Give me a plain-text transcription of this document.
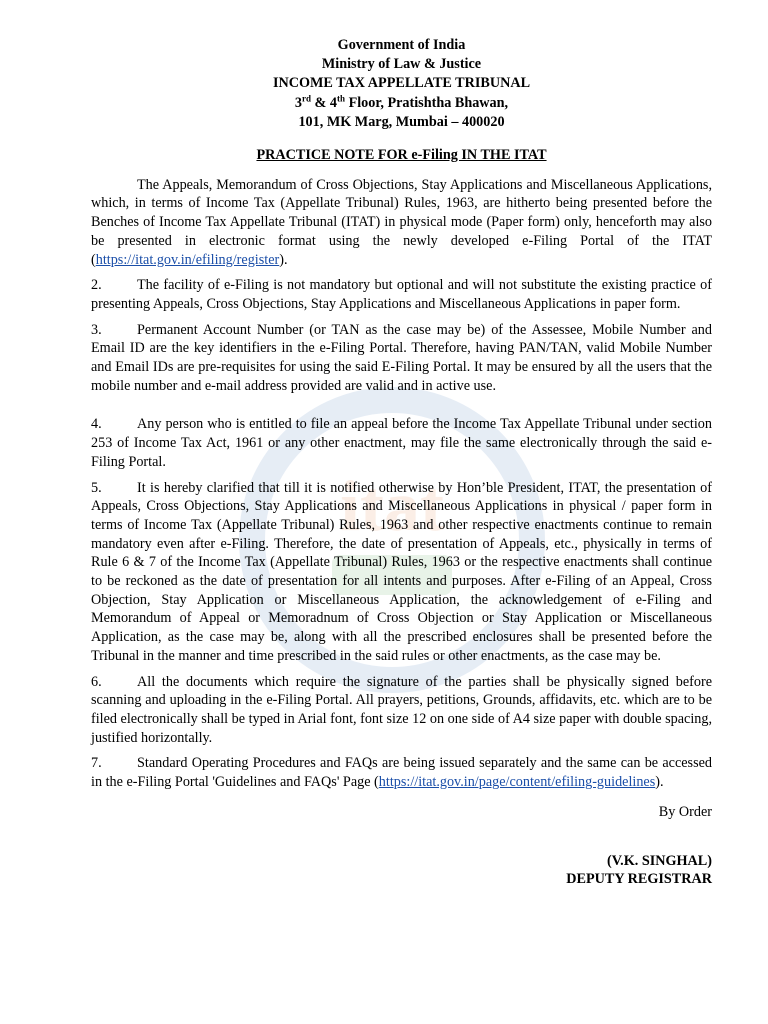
itat
Government of India
Ministry of Law & Justice
INCOME TAX APPELLATE TRIBUNAL
3rd & 4th Floor, Pratishtha Bhawan,
101, MK Marg, Mumbai – 400020
PRACTICE NOTE FOR e-Filing IN THE ITAT

The Appeals, Memorandum of Cross Objections, Stay Applications and Miscellaneous Applications, which, in terms of Income Tax (Appellate Tribunal) Rules, 1963, are hitherto being presented before the Benches of Income Tax Appellate Tribunal (ITAT) in physical mode (Paper form) only, henceforth may also be presented in electronic format using the newly developed e-Filing Portal of the ITAT (https://itat.gov.in/efiling/register).

2. The facility of e-Filing is not mandatory but optional and will not substitute the existing practice of presenting Appeals, Cross Objections, Stay Applications and Miscellaneous Applications in paper form.

3. Permanent Account Number (or TAN as the case may be) of the Assessee, Mobile Number and Email ID are the key identifiers in the e-Filing Portal. Therefore, having PAN/TAN, valid Mobile Number and Email IDs are pre-requisites for using the said E-Filing Portal. It may be ensured by all the users that the mobile number and e-mail address provided are valid and in active use.

4. Any person who is entitled to file an appeal before the Income Tax Appellate Tribunal under section 253 of Income Tax Act, 1961 or any other enactment, may file the same electronically through the said e-Filing Portal.

5. It is hereby clarified that till it is notified otherwise by Hon’ble President, ITAT, the presentation of Appeals, Cross Objections, Stay Applications and Miscellaneous Applications in physical / paper form in terms of Income Tax (Appellate Tribunal) Rules, 1963 and other respective enactments continue to remain mandatory even after e-Filing. Therefore, the date of presentation of Appeals, etc., physically in terms of Rule 6 & 7 of the Income Tax (Appellate Tribunal) Rules, 1963 or the respective enactments shall continue to be reckoned as the date of presentation for all intents and purposes. After e-Filing of an Appeal, Cross Objection, Stay Application or Miscellaneous Application, the acknowledgement of e-Filing and Memorandum of Appeal or Memoradnum of Cross Objection or Stay Application or Miscellaneous Application, as the case may be, along with all the prescribed enclosures shall be presented before the Tribunal in the manner and time prescribed in the said rules or other enactments, as the case may be.

6. All the documents which require the signature of the parties shall be physically signed before scanning and uploading in the e-Filing Portal. All prayers, petitions, Grounds, affidavits, etc. which are to be filed electronically shall be typed in Arial font, font size 12 on one side of A4 size paper with double spacing, justified horizontally.

7. Standard Operating Procedures and FAQs are being issued separately and the same can be accessed in the e-Filing Portal 'Guidelines and FAQs' Page (https://itat.gov.in/page/content/efiling-guidelines).

By Order
(V.K. SINGHAL)
DEPUTY REGISTRAR
